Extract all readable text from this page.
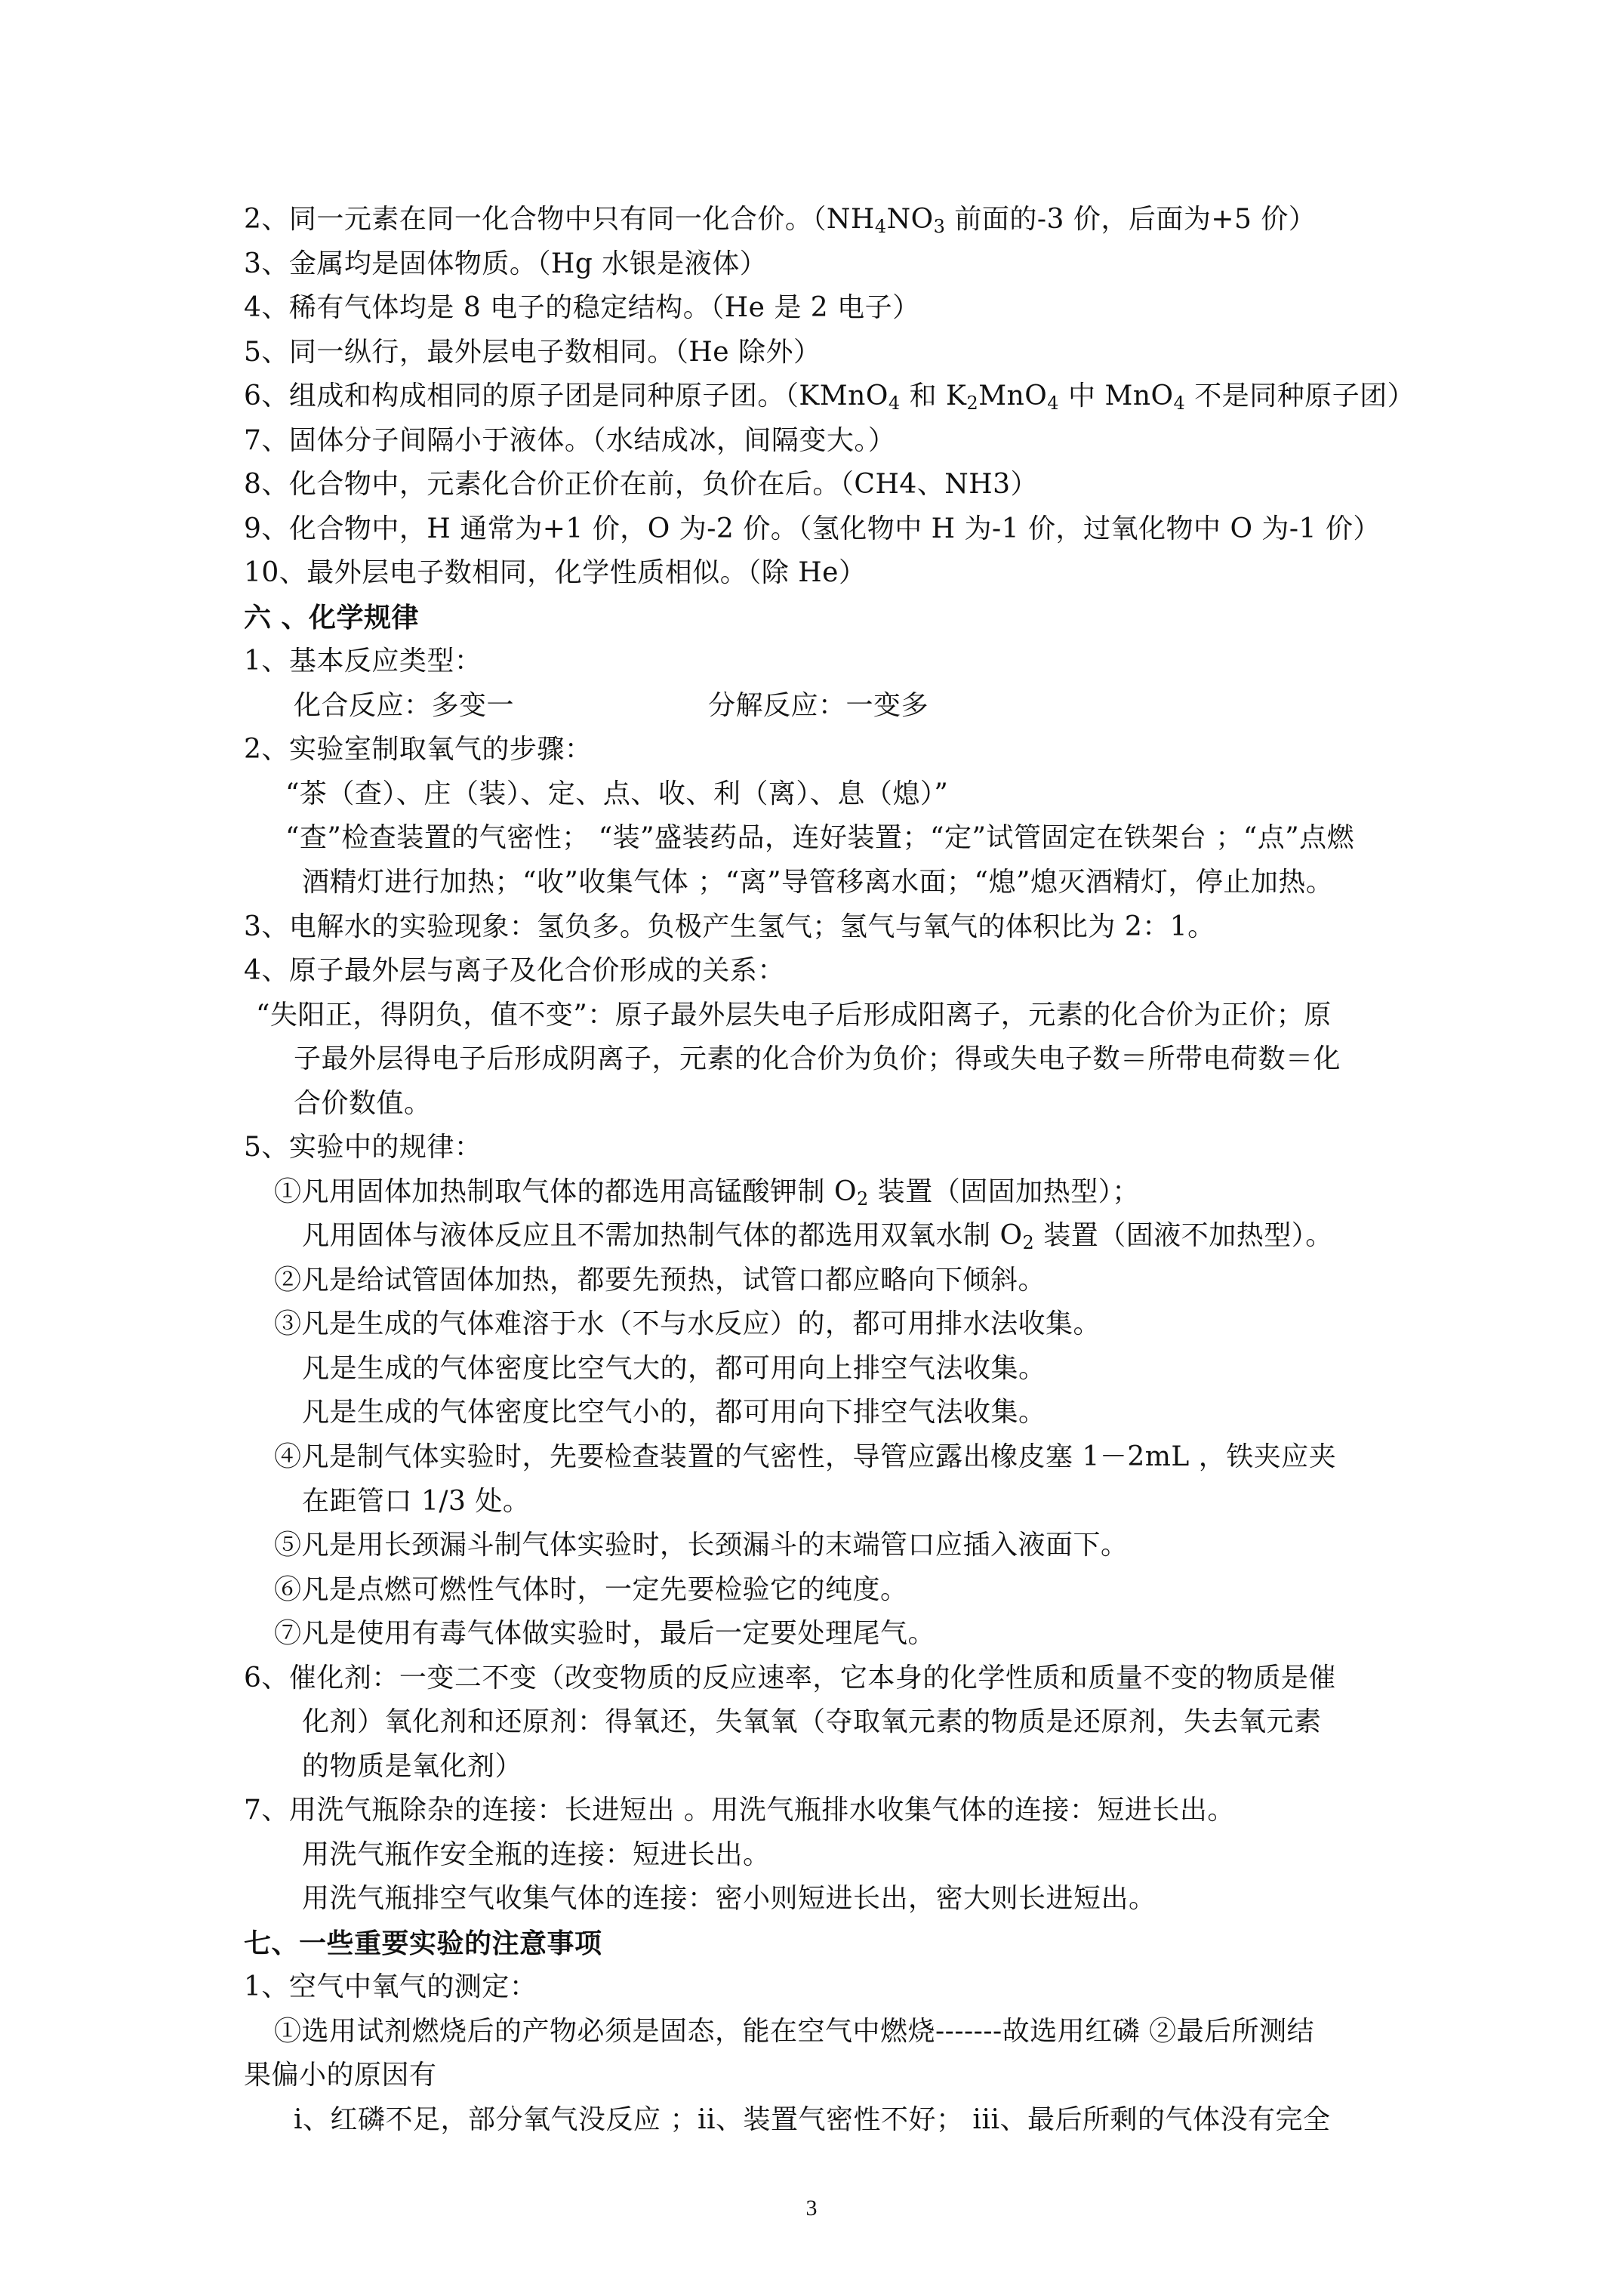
2、同一元素在同一化合物中只有同一化合价。（$NH_4NO_3$ 前面的-3 价，后面为+5 价）
3、金属均是固体物质。（Hg 水银是液体）
4、稀有气体均是 8 电子的稳定结构。（He 是 2 电子）
5、同一纵行，最外层电子数相同。（He 除外）
6、组成和构成相同的原子团是同种原子团。（KMnO$_4$ 和 $K_2MnO_4$ 中 MnO$_4$ 不是同种原子团）
7、固体分子间隔小于液体。（水结成冰，间隔变大。）
8、化合物中，元素化合价正价在前，负价在后。（CH4、NH3）
9、化合物中，H 通常为+1 价，O 为-2 价。（氢化物中 H 为-1 价，过氧化物中 O 为-1 价）
10、最外层电子数相同，化学性质相似。（除 He）
六 、化学规律
1、基本反应类型：
化合反应：多变一	分解反应：一变多
2、实验室制取氧气的步骤：
“茶（查）、庄（装）、定、点、收、利（离）、息（熄）”
“查”检查装置的气密性； “装”盛装药品，连好装置；“定”试管固定在铁架台 ；“点”点燃
酒精灯进行加热；“收”收集气体 ；“离”导管移离水面；“熄”熄灭酒精灯，停止加热。
3、电解水的实验现象：氢负多。负极产生氢气；氢气与氧气的体积比为 2：1。
4、原子最外层与离子及化合价形成的关系：
“失阳正，得阴负，值不变”：原子最外层失电子后形成阳离子，元素的化合价为正价；原
子最外层得电子后形成阴离子，元素的化合价为负价；得或失电子数＝所带电荷数＝化
合价数值。
5、实验中的规律：
①凡用固体加热制取气体的都选用高锰酸钾制 $O_2$ 装置（固固加热型）；
凡用固体与液体反应且不需加热制气体的都选用双氧水制 $O_2$ 装置（固液不加热型）。
②凡是给试管固体加热，都要先预热，试管口都应略向下倾斜。
③凡是生成的气体难溶于水（不与水反应）的，都可用排水法收集。
凡是生成的气体密度比空气大的，都可用向上排空气法收集。
凡是生成的气体密度比空气小的，都可用向下排空气法收集。
④凡是制气体实验时，先要检查装置的气密性，导管应露出橡皮塞 1－2mL ，铁夹应夹
在距管口 1/3 处。
⑤凡是用长颈漏斗制气体实验时，长颈漏斗的末端管口应插入液面下。
⑥凡是点燃可燃性气体时，一定先要检验它的纯度。
⑦凡是使用有毒气体做实验时，最后一定要处理尾气。
6、催化剂：一变二不变（改变物质的反应速率，它本身的化学性质和质量不变的物质是催
化剂）氧化剂和还原剂：得氧还，失氧氧（夺取氧元素的物质是还原剂，失去氧元素
的物质是氧化剂）
7、用洗气瓶除杂的连接：长进短出 。用洗气瓶排水收集气体的连接：短进长出。
用洗气瓶作安全瓶的连接：短进长出。
用洗气瓶排空气收集气体的连接：密小则短进长出，密大则长进短出。
七、一些重要实验的注意事项
1、空气中氧气的测定：
①选用试剂燃烧后的产物必须是固态，能在空气中燃烧-------故选用红磷 ②最后所测结
果偏小的原因有
i、红磷不足，部分氧气没反应 ；ii、装置气密性不好； iii、最后所剩的气体没有完全
3
